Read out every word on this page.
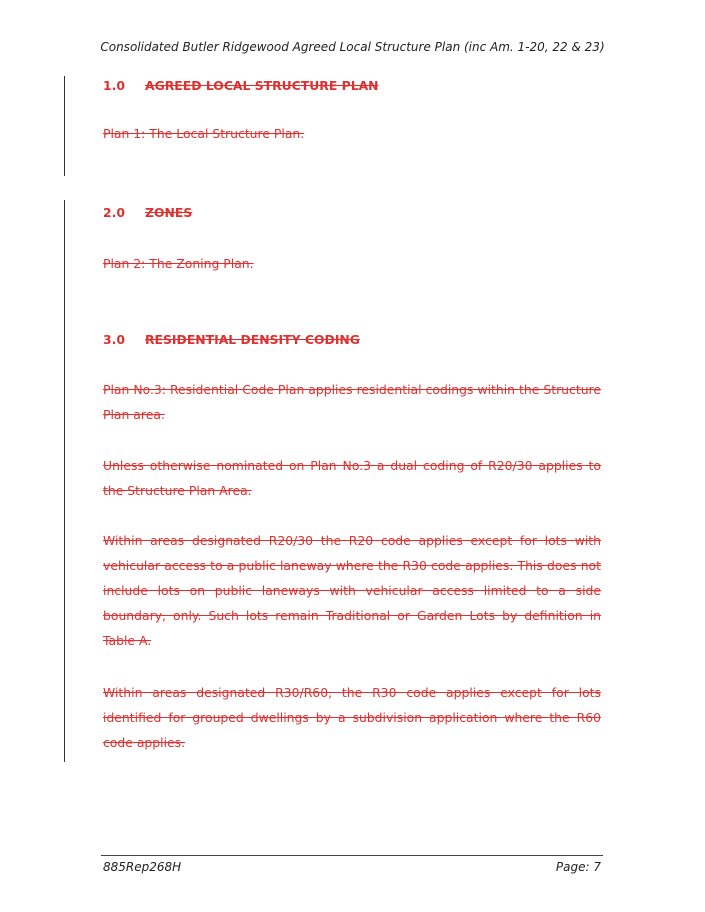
Consolidated Butler Ridgewood Agreed Local Structure Plan (inc Am. 1-20, 22 & 23)
1.0 AGREED LOCAL STRUCTURE PLAN
Plan 1: The Local Structure Plan.
2.0 ZONES
Plan 2: The Zoning Plan.
3.0 RESIDENTIAL DENSITY CODING
Plan No.3: Residential Code Plan applies residential codings within the Structure Plan area.
Unless otherwise nominated on Plan No.3 a dual coding of R20/30 applies to the Structure Plan Area.
Within areas designated R20/30 the R20 code applies except for lots with vehicular access to a public laneway where the R30 code applies. This does not include lots on public laneways with vehicular access limited to a side boundary, only. Such lots remain Traditional or Garden Lots by definition in Table A.
Within areas designated R30/R60, the R30 code applies except for lots identified for grouped dwellings by a subdivision application where the R60 code applies.
885Rep268H	Page: 7
